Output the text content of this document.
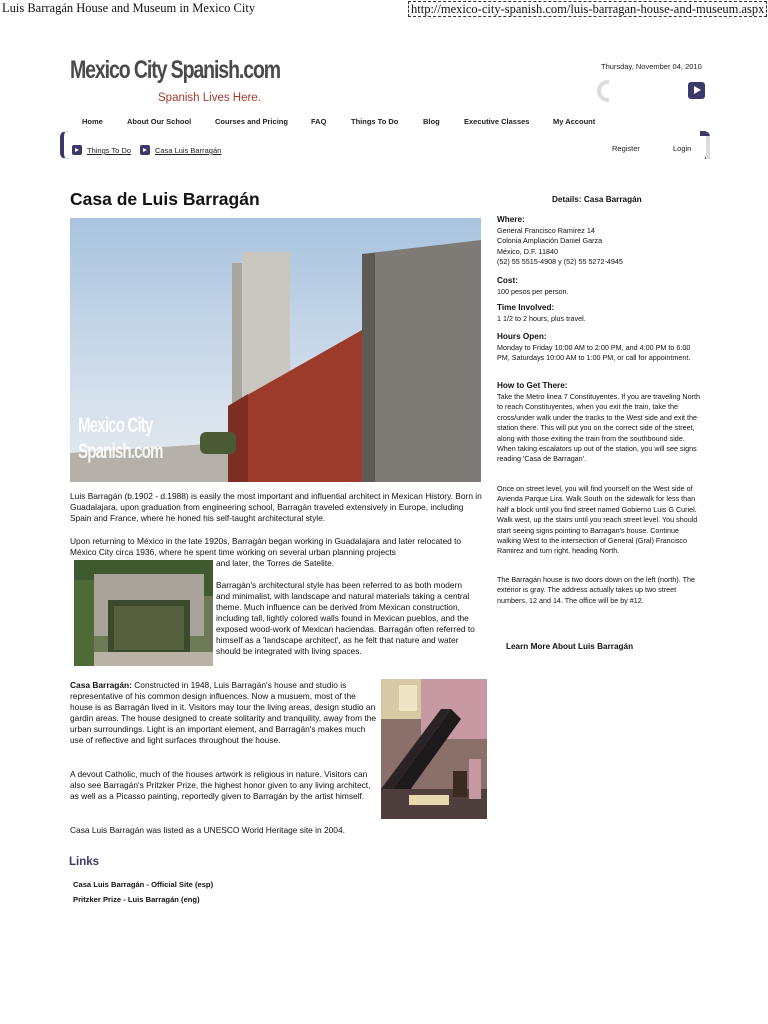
Luis Barragán House and Museum in Mexico City	http://mexico-city-spanish.com/luis-barragan-house-and-museum.aspx
Mexico City Spanish.com
Spanish Lives Here.
Thursday, November 04, 2010
Home	About Our School	Courses and Pricing	FAQ	Things To Do	Blog	Executive Classes	My Account
Things To Do	Casa Luis Barragán	Register	Login
Casa de Luis Barragán
Mexico City
Spanish.com

Luis Barragán (b.1902 - d.1988) is easily the most important and influential architect in Mexican History. Born in Guadalajara, upon graduation from engineering school, Barragán traveled extensively in Europe, including Spain and France, where he honed his self-taught architectural style.

Upon returning to México in the late 1920s, Barragán began working in Guadalajara and later relocated to México City circa 1936, where he spent time working on several urban planning projects

and later, the Torres de Satelite.

Barragán's architectural style has been referred to as both modern and minimalist, with landscape and natural materials taking a central theme. Much influence can be derived from Mexican construction, including tall, lightly colored walls found in Mexican pueblos, and the exposed wood-work of Mexican haciendas. Barragán often referred to himself as a 'landscape architect', as he felt that nature and water should be integrated with living spaces.

Casa Barragán: Constructed in 1948, Luis Barragán's house and studio is representative of his common design influences. Now a musuem, most of the house is as Barragán lived in it. Visitors may tour the living areas, design studio an gardin areas. The house designed to create solitarity and tranquility, away from the urban surroundings. Light is an important element, and Barragán's makes much use of reflective and light surfaces throughout the house.

A devout Catholic, much of the houses artwork is religious in nature. Visitors can also see Barragán's Pritzker Prize, the highest honor given to any living architect, as well as a Picasso painting, reportedly given to Barragán by the artist himself.

Casa Luis Barragán was listed as a UNESCO World Heritage site in 2004.

Links
Casa Luis Barragán - Official Site (esp)
Pritzker Prize - Luis Barragán (eng)
Details: Casa Barragán
Where:
General Francisco Ramírez 14
Colonia Ampliación Daniel Garza
México, D.F. 11840
(52) 55 5515-4908 y (52) 55 5272-4945
Cost:
100 pesos per person.
Time Involved:
1 1/2 to 2 hours, plus travel.
Hours Open:
Monday to Friday 10:00 AM to 2:00 PM, and 4:00 PM to 6:00 PM, Saturdays 10:00 AM to 1:00 PM, or call for appointment.
How to Get There:
Take the Metro linea 7 Constituyentes. If you are traveling North to reach Constituyentes, when you exit the train, take the cross/under walk under the tracks to the West side and exit the station there. This will put you on the correct side of the street, along with those exiting the train from the southbound side. When taking escalators up out of the station, you will see signs reading 'Casa de Barragan'.
Once on street level, you will find yourself on the West side of Avienda Parque Lira. Walk South on the sidewalk for less than half a block until you find street named Gobierno Luis G Curiel. Walk west, up the stairs until you reach street level. You should start seeing signs pointing to Barragan's house. Continue walking West to the intersection of General (Gral) Francisco Ramirez and turn right, heading North.
The Barragán house is two doors down on the left (north). The exterior is gray. The address actually takes up two street numbers, 12 and 14. The office will be by #12.
Learn More About Luis Barragán
